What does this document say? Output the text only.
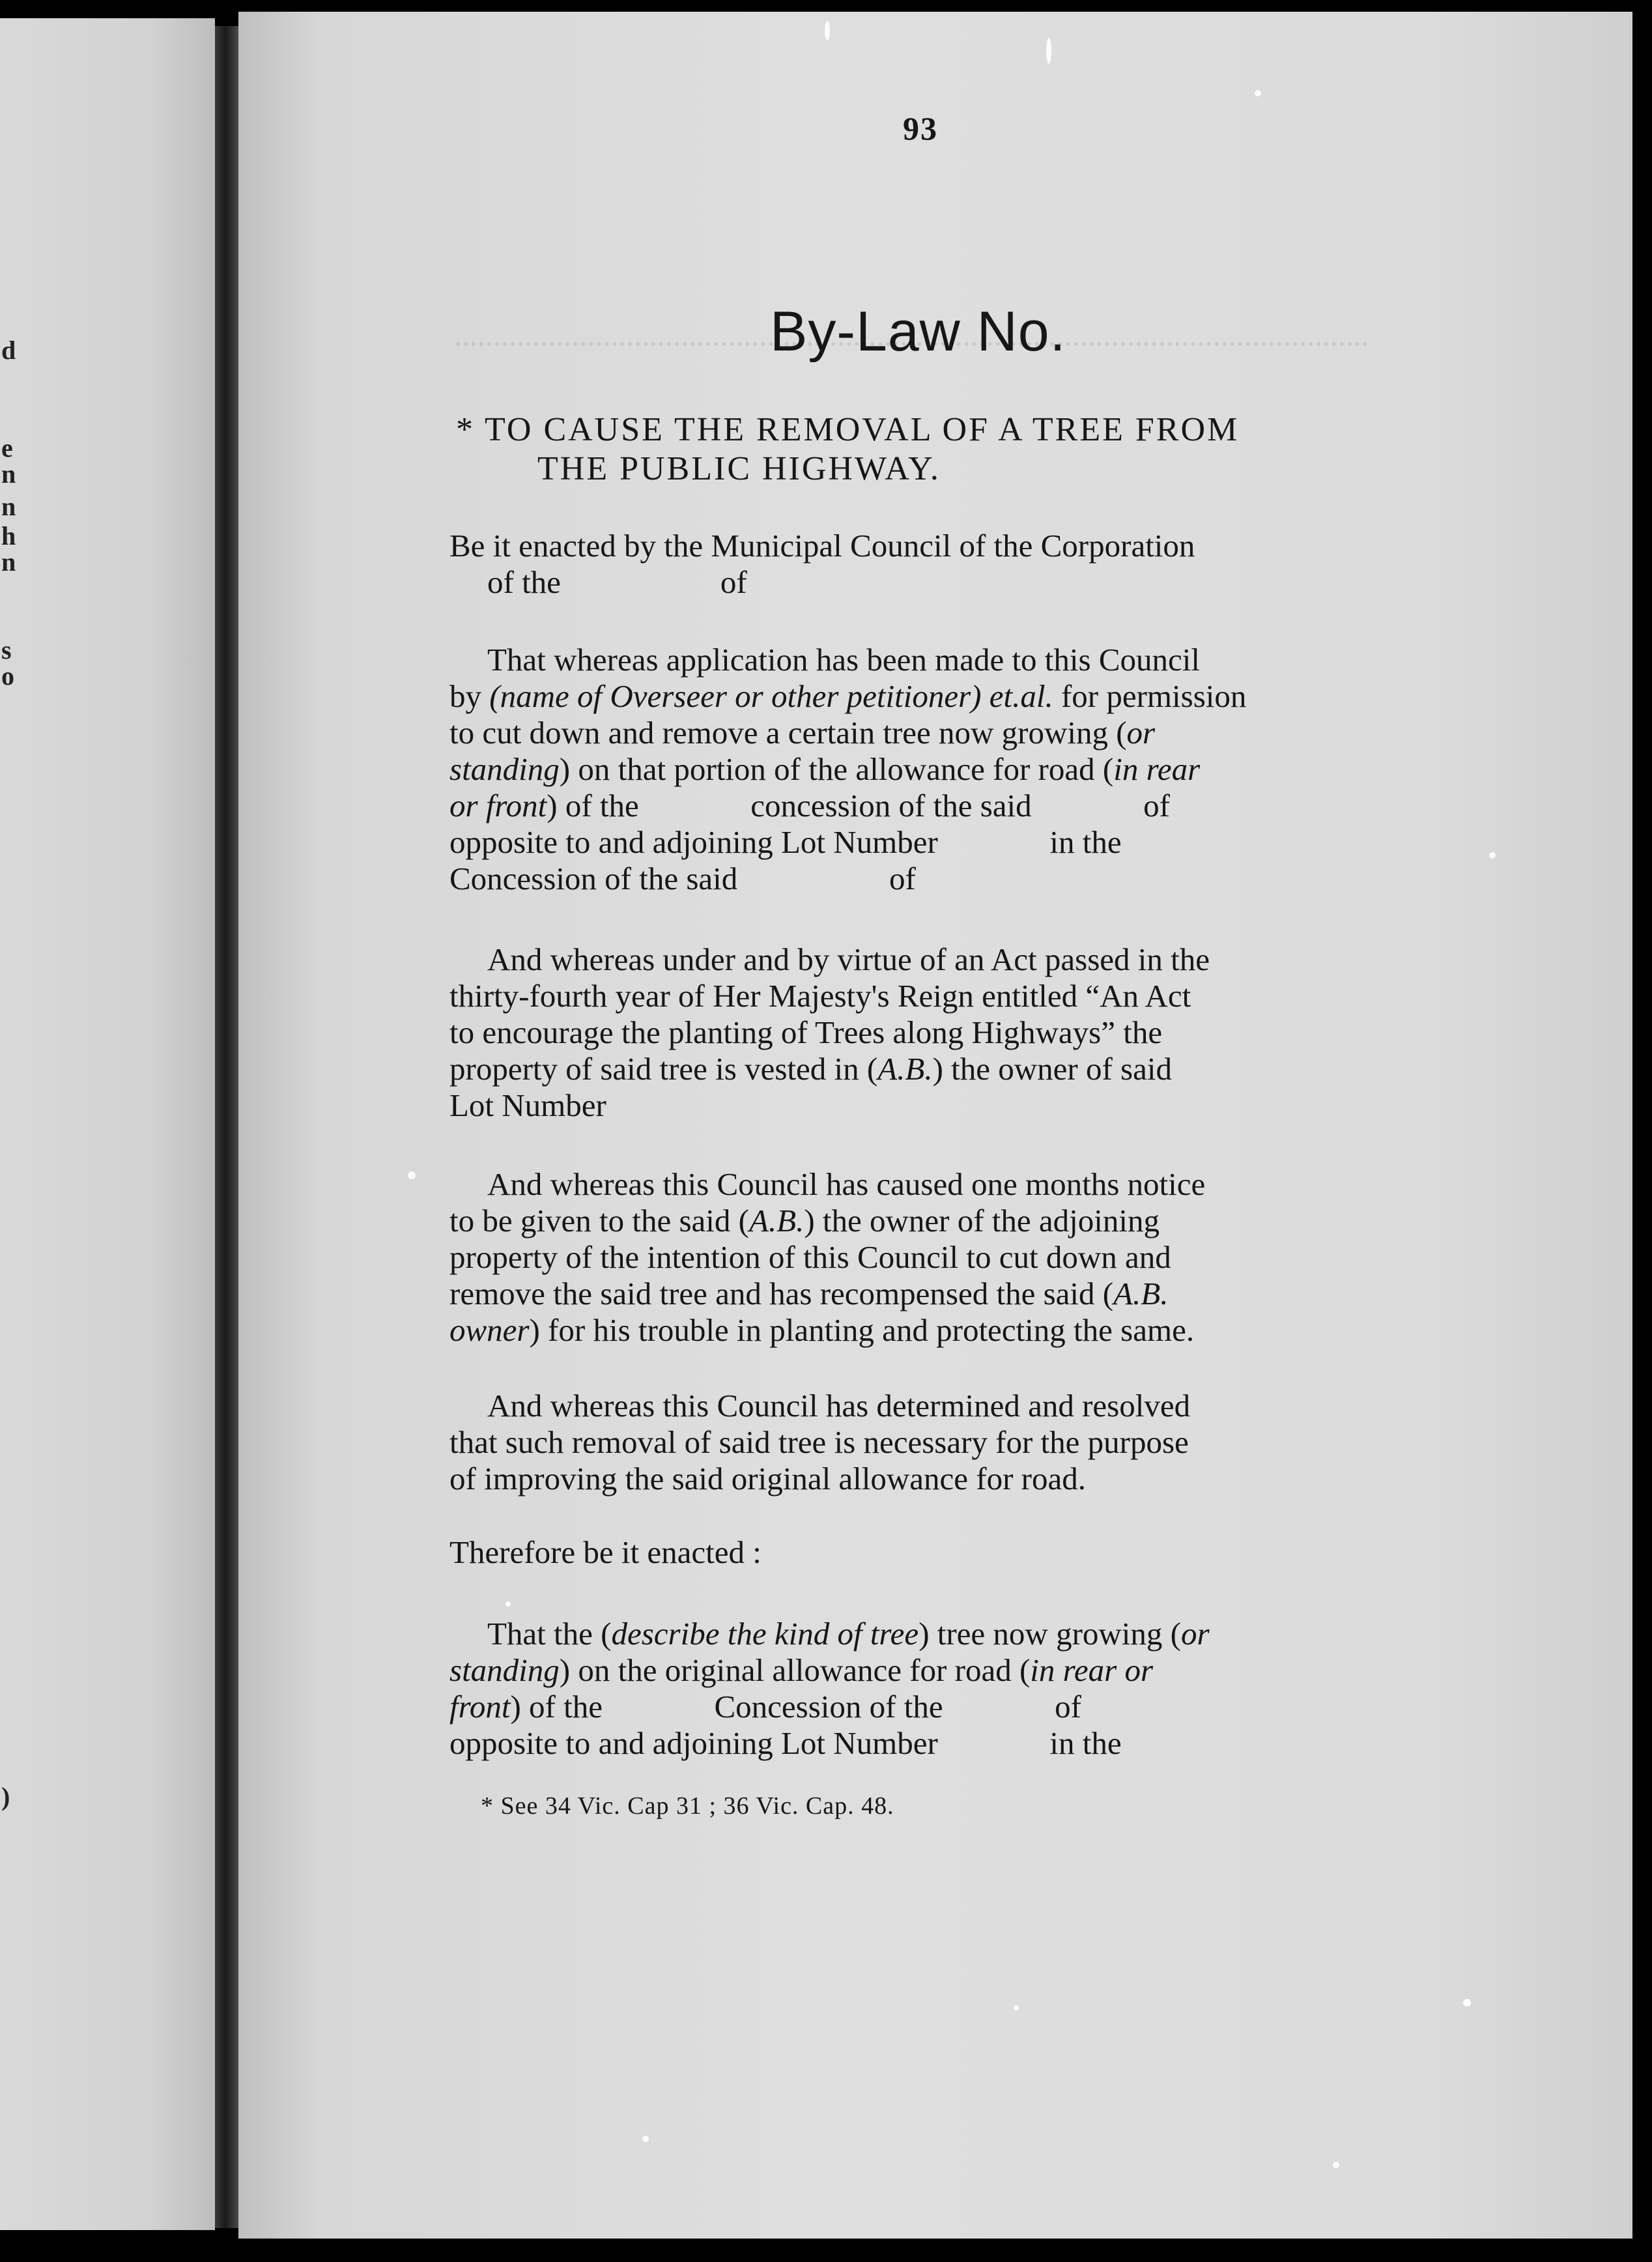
d
e
n
n
h
n
s
o
)
93
By-Law No.
* TO CAUSE THE REMOVAL OF A TREE FROM
THE PUBLIC HIGHWAY.
Be it enacted by the Municipal Council of the Corporation
of the                    of
That whereas application has been made to this Council
by (name of Overseer or other petitioner) et.al. for permission
to cut down and remove a certain tree now growing (or
standing) on that portion of the allowance for road (in rear
or front) of the              concession of the said              of
opposite to and adjoining Lot Number              in the
Concession of the said                   of
And whereas under and by virtue of an Act passed in the
thirty-fourth year of Her Majesty's Reign entitled “An Act
to encourage the planting of Trees along Highways” the
property of said tree is vested in (A.B.) the owner of said
Lot Number
And whereas this Council has caused one months notice
to be given to the said (A.B.) the owner of the adjoining
property of the intention of this Council to cut down and
remove the said tree and has recompensed the said (A.B.
owner) for his trouble in planting and protecting the same.
And whereas this Council has determined and resolved
that such removal of said tree is necessary for the purpose
of improving the said original allowance for road.
Therefore be it enacted :
That the (describe the kind of tree) tree now growing (or
standing) on the original allowance for road (in rear or
front) of the              Concession of the              of
opposite to and adjoining Lot Number              in the
* See 34 Vic. Cap 31 ; 36 Vic. Cap. 48.
